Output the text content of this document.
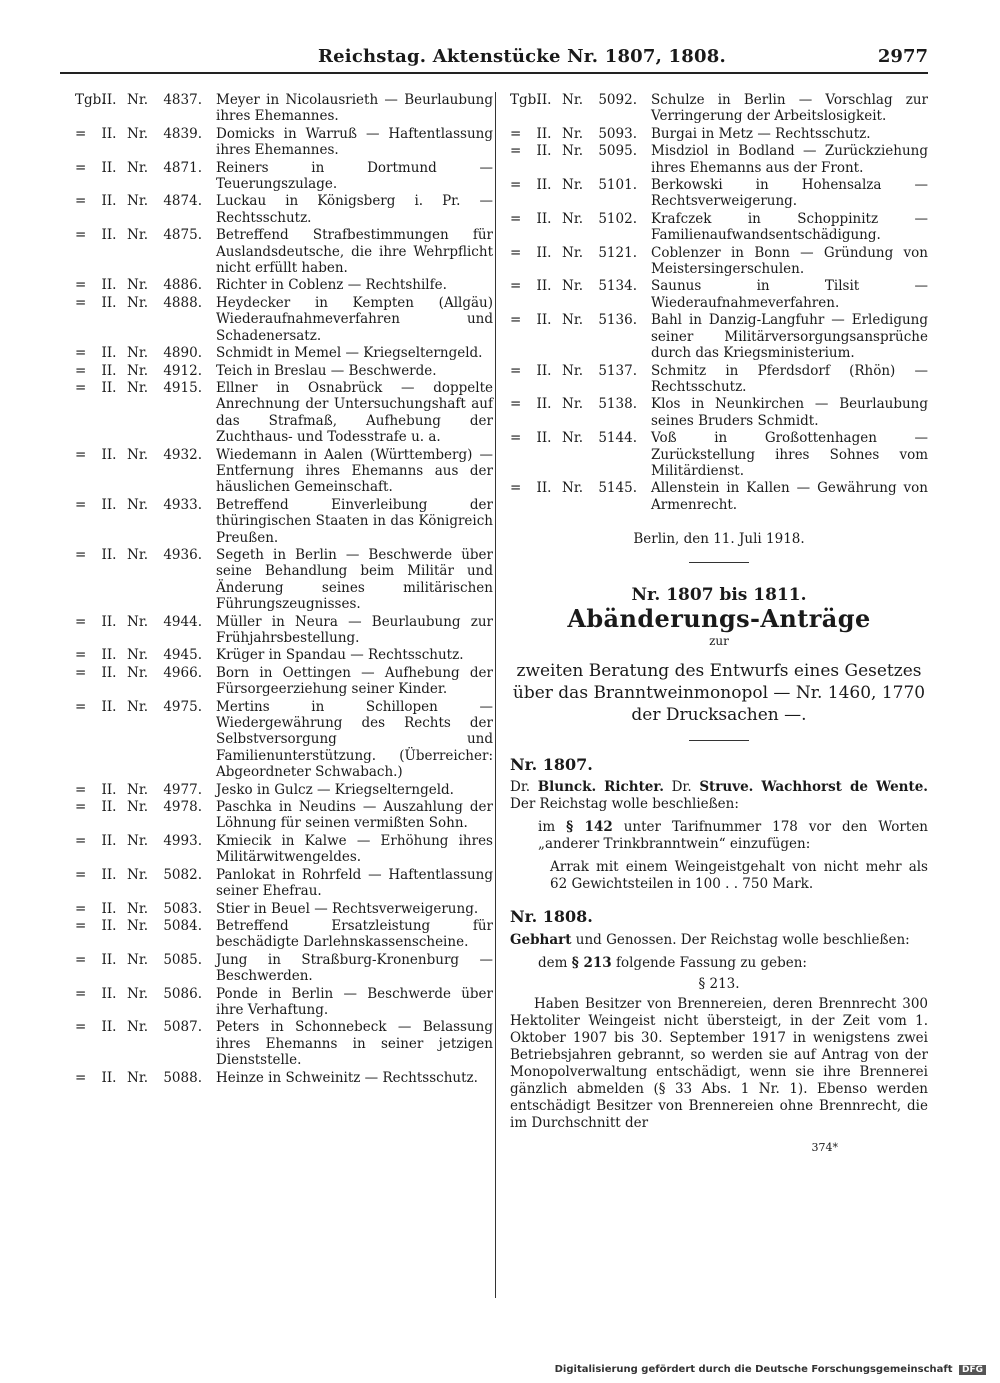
Reichstag. Aktenstücke Nr. 1807, 1808.	2977
Tgb.
II. Nr.	4837. Meyer in Nicolausrieth — Beurlaubung ihres Ehemannes.
=	II. Nr.	4839. Domicks in Warruß — Haftentlassung ihres Ehemannes.
=	II. Nr.	4871. Reiners in Dortmund — Teuerungszulage.
=	II. Nr.	4874. Luckau in Königsberg i. Pr. — Rechtsschutz.
=	II. Nr.	4875. Betreffend Strafbestimmungen für Auslandsdeutsche, die ihre Wehrpflicht nicht erfüllt haben.
=	II. Nr.	4886. Richter in Coblenz — Rechtshilfe.
=	II. Nr.	4888. Heydecker in Kempten (Allgäu) Wiederaufnahmeverfahren und Schadenersatz.
=	II. Nr.	4890. Schmidt in Memel — Kriegselterngeld.
=	II. Nr.	4912. Teich in Breslau — Beschwerde.
=	II. Nr.	4915. Ellner in Osnabrück — doppelte Anrechnung der Untersuchungshaft auf das Strafmaß, Aufhebung der Zuchthaus- und Todesstrafe u. a.
=	II. Nr.	4932. Wiedemann in Aalen (Württemberg) — Entfernung ihres Ehemanns aus der häuslichen Gemeinschaft.
=	II. Nr.	4933. Betreffend Einverleibung der thüringischen Staaten in das Königreich Preußen.
=	II. Nr.	4936. Segeth in Berlin — Beschwerde über seine Behandlung beim Militär und Änderung seines militärischen Führungszeugnisses.
=	II. Nr.	4944. Müller in Neura — Beurlaubung zur Frühjahrsbestellung.
=	II. Nr.	4945. Krüger in Spandau — Rechtsschutz.
=	II. Nr.	4966. Born in Oettingen — Aufhebung der Fürsorgeerziehung seiner Kinder.
=	II. Nr.	4975. Mertins in Schillopen — Wiedergewährung des Rechts der Selbstversorgung und Familienunterstützung. (Überreicher: Abgeordneter Schwabach.)
=	II. Nr.	4977. Jesko in Gulcz — Kriegselterngeld.
=	II. Nr.	4978. Paschka in Neudins — Auszahlung der Löhnung für seinen vermißten Sohn.
=	II. Nr.	4993. Kmiecik in Kalwe — Erhöhung ihres Militärwitwengeldes.
=	II. Nr.	5082. Panlokat in Rohrfeld — Haftentlassung seiner Ehefrau.
=	II. Nr.	5083. Stier in Beuel — Rechtsverweigerung.
=	II. Nr.	5084. Betreffend Ersatzleistung für beschädigte Darlehnskassenscheine.
=	II. Nr.	5085. Jung in Straßburg-Kronenburg — Beschwerden.
=	II. Nr.	5086. Ponde in Berlin — Beschwerde über ihre Verhaftung.
=	II. Nr.	5087. Peters in Schonnebeck — Belassung ihres Ehemanns in seiner jetzigen Dienststelle.
=	II. Nr.	5088. Heinze in Schweinitz — Rechtsschutz.
Tgb.
II. Nr.	5092. Schulze in Berlin — Vorschlag zur Verringerung der Arbeitslosigkeit.
=	II. Nr.	5093. Burgai in Metz — Rechtsschutz.
=	II. Nr.	5095. Misdziol in Bodland — Zurückziehung ihres Ehemanns aus der Front.
=	II. Nr.	5101. Berkowski in Hohensalza — Rechtsverweigerung.
=	II. Nr.	5102. Krafczek in Schoppinitz — Familienaufwandsentschädigung.
=	II. Nr.	5121. Coblenzer in Bonn — Gründung von Meistersingerschulen.
=	II. Nr.	5134. Saunus in Tilsit — Wiederaufnahmeverfahren.
=	II. Nr.	5136. Bahl in Danzig-Langfuhr — Erledigung seiner Militärversorgungsansprüche durch das Kriegsministerium.
=	II. Nr.	5137. Schmitz in Pferdsdorf (Rhön) — Rechtsschutz.
=	II. Nr.	5138. Klos in Neunkirchen — Beurlaubung seines Bruders Schmidt.
=	II. Nr.	5144. Voß in Großottenhagen — Zurückstellung ihres Sohnes vom Militärdienst.
=	II. Nr.	5145. Allenstein in Kallen — Gewährung von Armenrecht.
Berlin, den 11. Juli 1918.
Nr. 1807 bis 1811.
Abänderungs-Anträge
zur
zweiten Beratung des Entwurfs eines Gesetzes über das Branntweinmonopol — Nr. 1460, 1770 der Drucksachen —.
Nr. 1807.
Dr. Blunck. Richter. Dr. Struve. Wachhorst de Wente. Der Reichstag wolle beschließen:
im § 142 unter Tarifnummer 178 vor den Worten „anderer Trinkbranntwein“ einzufügen:
Arrak mit einem Weingeistgehalt von nicht mehr als 62 Gewichtsteilen in 100 . . 750 Mark.
Nr. 1808.
Gebhart und Genossen. Der Reichstag wolle beschließen:
dem § 213 folgende Fassung zu geben:
§ 213.
Haben Besitzer von Brennereien, deren Brennrecht 300 Hektoliter Weingeist nicht übersteigt, in der Zeit vom 1. Oktober 1907 bis 30. September 1917 in wenigstens zwei Betriebsjahren gebrannt, so werden sie auf Antrag von der Monopolverwaltung entschädigt, wenn sie ihre Brennerei gänzlich abmelden (§ 33 Abs. 1 Nr. 1). Ebenso werden entschädigt Besitzer von Brennereien ohne Brennrecht, die im Durchschnitt der
374*
Digitalisierung gefördert durch die Deutsche Forschungsgemeinschaft DFG
